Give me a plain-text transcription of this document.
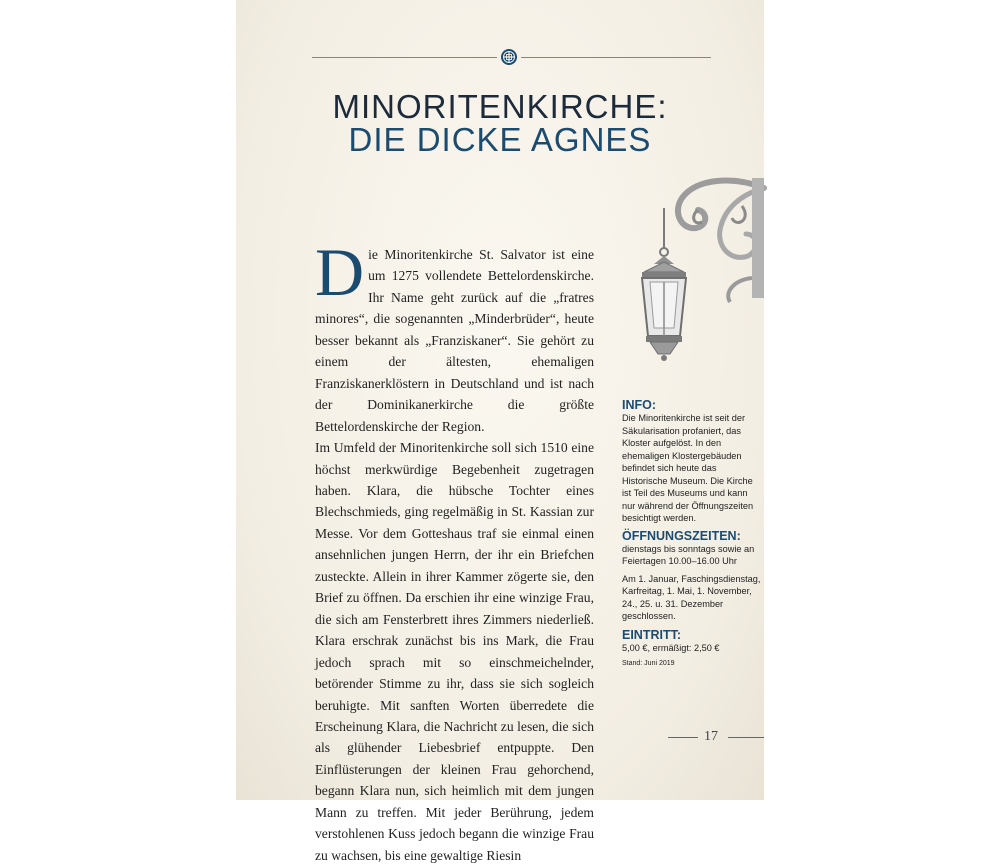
MINORITENKIRCHE:
DIE DICKE AGNES

Die Minoritenkirche St. Salvator ist eine um 1275 vollendete Bettelordenskirche. Ihr Name geht zurück auf die „fratres minores“, die sogenannten „Minderbrüder“, heute besser bekannt als „Franziskaner“. Sie gehört zu einem der ältesten, ehemaligen Franziskanerklöstern in Deutschland und ist nach der Dominikanerkirche die größte Bettelordenskirche der Region.

Im Umfeld der Minoritenkirche soll sich 1510 eine höchst merkwürdige Begebenheit zugetragen haben. Klara, die hübsche Tochter eines Blechschmieds, ging regelmäßig in St. Kassian zur Messe. Vor dem Gotteshaus traf sie einmal einen ansehnlichen jungen Herrn, der ihr ein Briefchen zusteckte. Allein in ihrer Kammer zögerte sie, den Brief zu öffnen. Da erschien ihr eine winzige Frau, die sich am Fensterbrett ihres Zimmers niederließ. Klara erschrak zunächst bis ins Mark, die Frau jedoch sprach mit so einschmeichelnder, betörender Stimme zu ihr, dass sie sich sogleich beruhigte. Mit sanften Worten überredete die Erscheinung Klara, die Nachricht zu lesen, die sich als glühender Liebesbrief entpuppte. Den Einflüsterungen der kleinen Frau gehorchend, begann Klara nun, sich heimlich mit dem jungen Mann zu treffen. Mit jeder Berührung, jedem verstohlenen Kuss jedoch begann die winzige Frau zu wachsen, bis eine gewaltige Riesin

INFO:

Die Minoritenkirche ist seit der Säkularisation profaniert, das Kloster aufgelöst. In den ehemaligen Klostergebäuden befindet sich heute das Historische Museum. Die Kirche ist Teil des Museums und kann nur während der Öffnungszeiten besichtigt werden.

ÖFFNUNGSZEITEN:

dienstags bis sonntags sowie an Feiertagen 10.00–16.00 Uhr

Am 1. Januar, Faschingsdienstag, Karfreitag, 1. Mai, 1. November, 24., 25. u. 31. Dezember geschlossen.

EINTRITT:

5,00 €, ermäßigt: 2,50 €

Stand: Juni 2019

17
